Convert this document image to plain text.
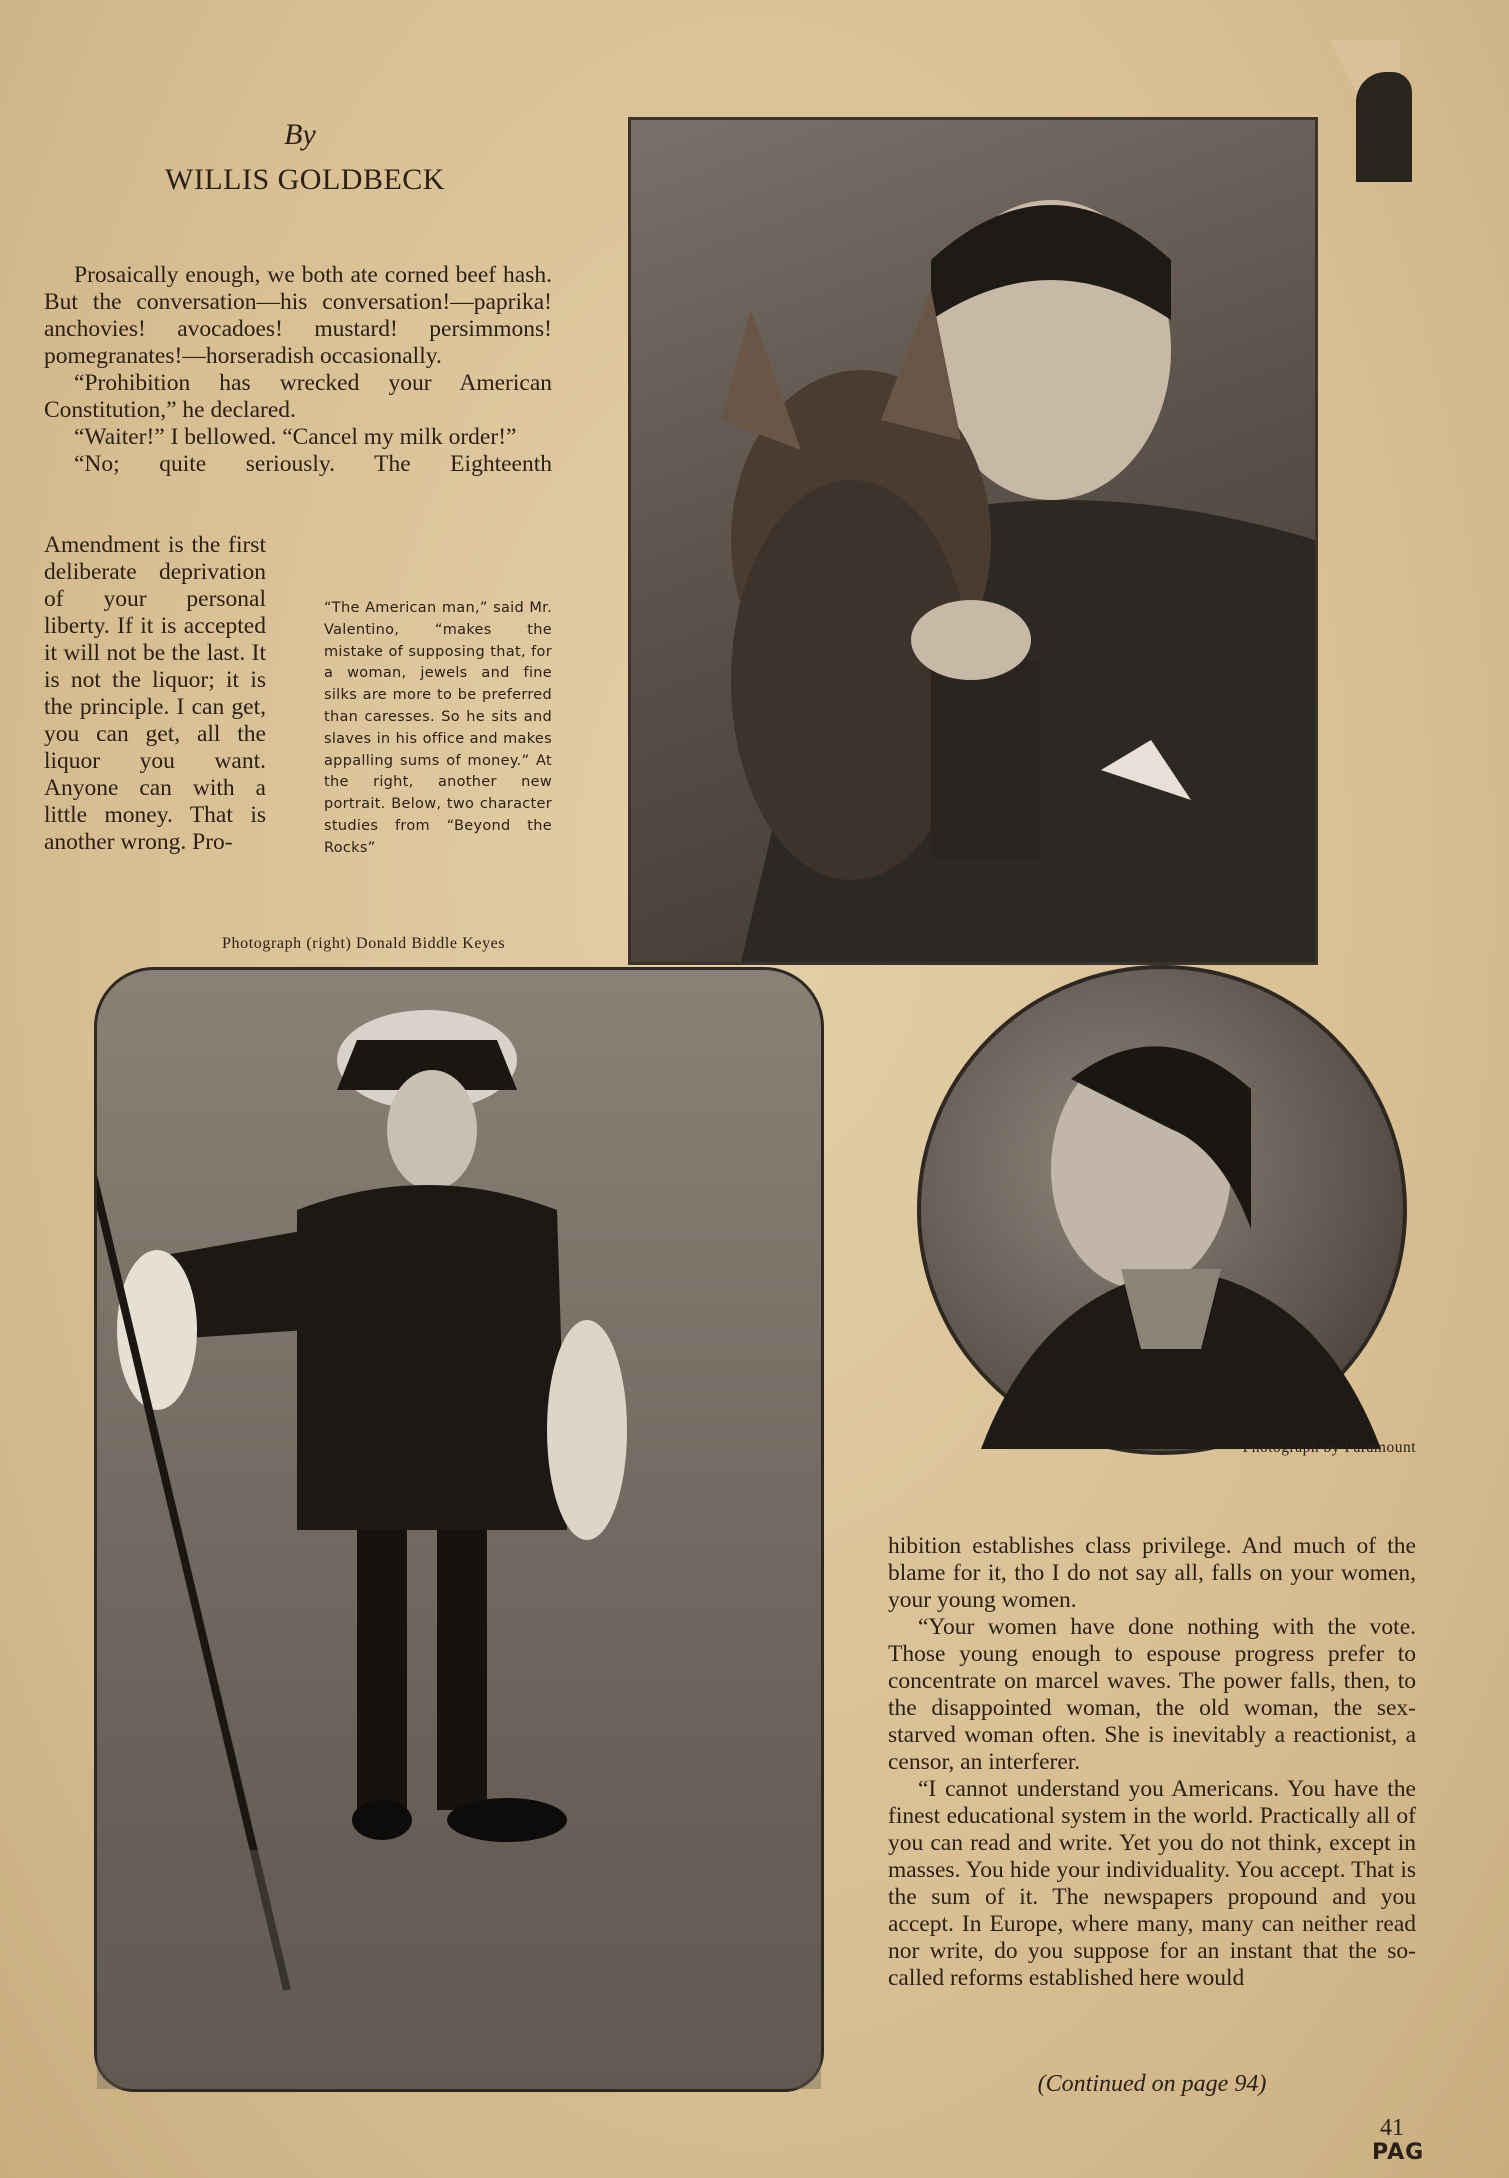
By
WILLIS GOLDBECK

Prosaically enough, we both ate corned beef hash. But the conversation—his conversation!—paprika! anchovies! avocadoes! mustard! persimmons! pomegranates!—horseradish occasionally.

“Prohibition has wrecked your American Constitution,” he declared.

“Waiter!” I bellowed. “Cancel my milk order!”

“No; quite seriously. The Eighteenth

Amendment is the first deliberate deprivation of your personal liberty. If it is accepted it will not be the last. It is not the liquor; it is the principle. I can get, you can get, all the liquor you want. Anyone can with a little money. That is another wrong. Pro-
“The American man,” said Mr. Valentino, “makes the mistake of supposing that, for a woman, jewels and fine silks are more to be preferred than caresses. So he sits and slaves in his office and makes appalling sums of money.” At the right, another new portrait. Below, two character studies from “Beyond the Rocks”
Photograph (right) Donald Biddle Keyes
Photograph by Paramount

hibition establishes class privilege. And much of the blame for it, tho I do not say all, falls on your women, your young women.

“Your women have done nothing with the vote. Those young enough to espouse progress prefer to concentrate on marcel waves. The power falls, then, to the disappointed woman, the old woman, the sex-starved woman often. She is inevitably a reactionist, a censor, an interferer.

“I cannot understand you Americans. You have the finest educational system in the world. Practically all of you can read and write. Yet you do not think, except in masses. You hide your individuality. You accept. That is the sum of it. The newspapers propound and you accept. In Europe, where many, many can neither read nor write, do you suppose for an instant that the so-called reforms established here would

(Continued on page 94)
41
PAG
